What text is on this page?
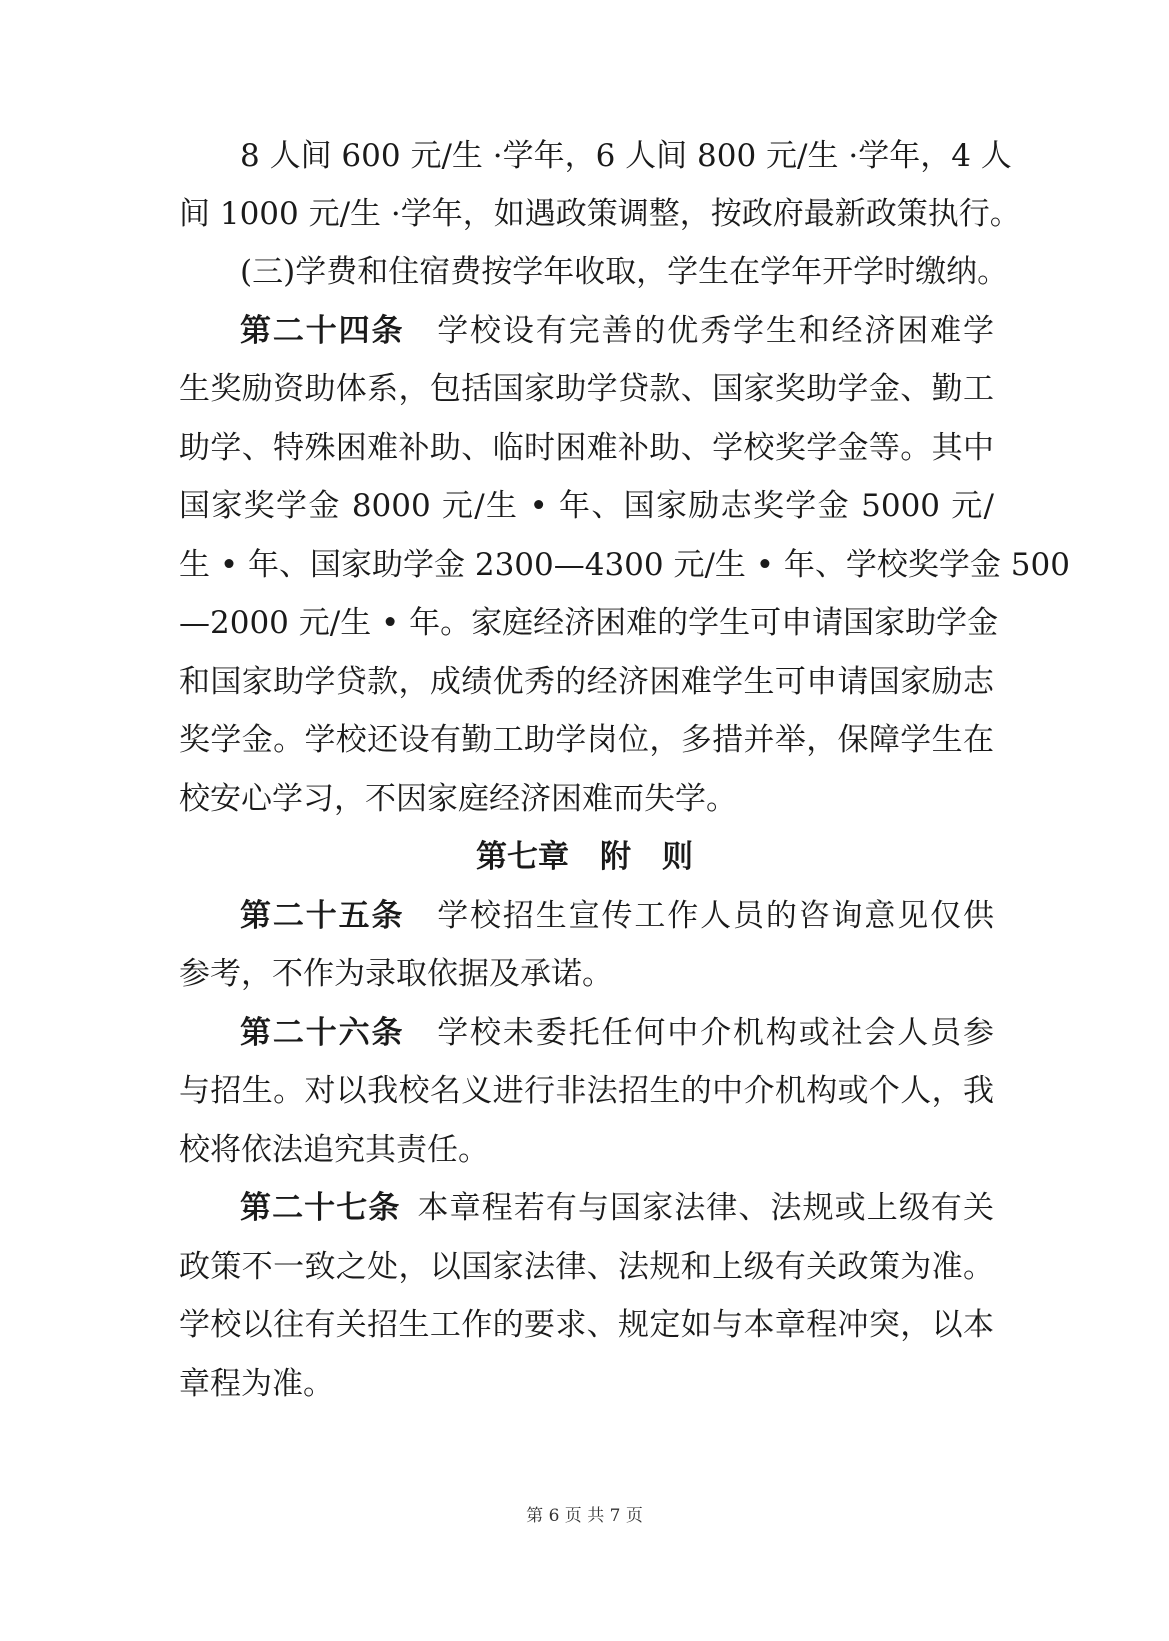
8 人间 600 元/生 ·学年，6 人间 800 元/生 ·学年，4 人
间 1000 元/生 ·学年，如遇政策调整，按政府最新政策执行。
(三)学费和住宿费按学年收取，学生在学年开学时缴纳。
第二十四条 学校设有完善的优秀学生和经济困难学
生奖励资助体系，包括国家助学贷款、国家奖助学金、勤工
助学、特殊困难补助、临时困难补助、学校奖学金等。其中
国家奖学金 8000 元/生 • 年、国家励志奖学金 5000 元/
生 • 年、国家助学金 2300—4300 元/生 • 年、学校奖学金 500
—2000 元/生 • 年。家庭经济困难的学生可申请国家助学金
和国家助学贷款，成绩优秀的经济困难学生可申请国家励志
奖学金。学校还设有勤工助学岗位，多措并举，保障学生在
校安心学习，不因家庭经济困难而失学。
第七章　附　则
第二十五条 学校招生宣传工作人员的咨询意见仅供
参考，不作为录取依据及承诺。
第二十六条 学校未委托任何中介机构或社会人员参
与招生。对以我校名义进行非法招生的中介机构或个人，我
校将依法追究其责任。
第二十七条 本章程若有与国家法律、法规或上级有关
政策不一致之处，以国家法律、法规和上级有关政策为准。
学校以往有关招生工作的要求、规定如与本章程冲突，以本
章程为准。
第 6 页 共 7 页
